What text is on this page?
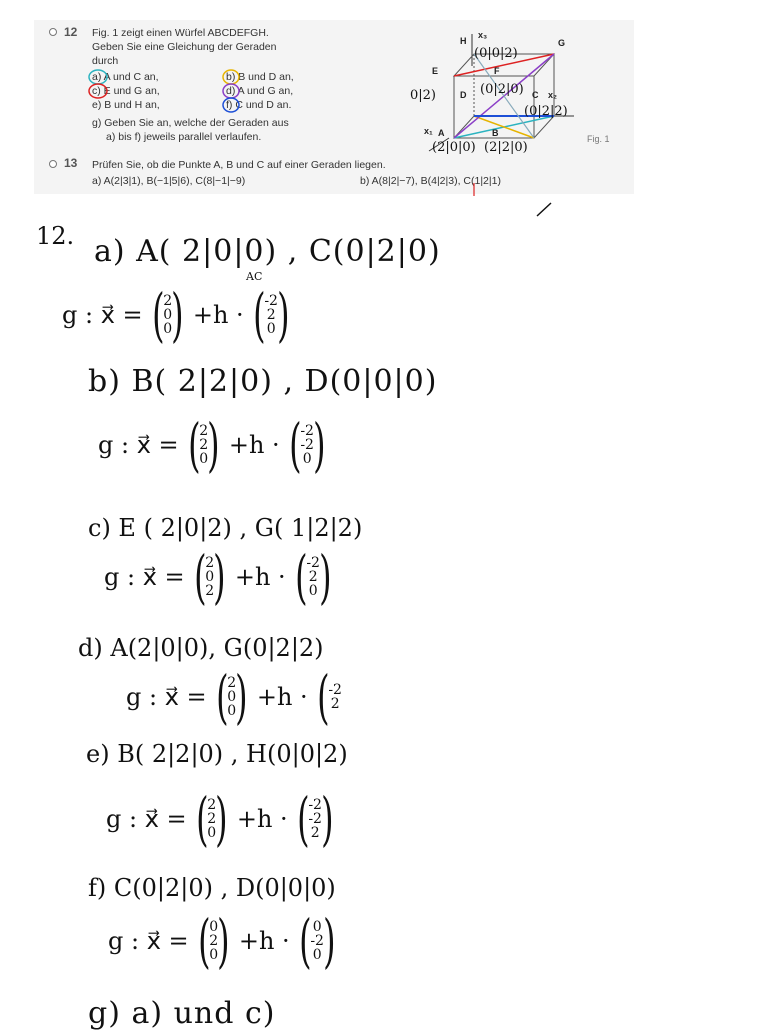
12 Fig. 1 zeigt einen Würfel ABCDEFGH.
Geben Sie eine Gleichung der Geraden
durch
a) A und C an,
c) E und G an,
e) B und H an,
b) B und D an,
d) A und G an,
f) C und D an.
g) Geben Sie an, welche der Geraden aus
a) bis f) jeweils parallel verlaufen.
13 Prüfen Sie, ob die Punkte A, B und C auf einer Geraden liegen.
a) A(2|3|1), B(−1|5|6), C(8|−1|−9)	b) A(8|2|−7), B(4|2|3), C(1|2|1)
Fig. 1
H	G
E	F
D	C
A	B
x₃
x₂
x₁
(0|0|2)
(0|2|0)
(0|2|2)
0|2)
(2|0|0) (2|2|0)
12. a) A( 2|0|0) , C(0|2|0)
AC
g : x⃗ = ( 2
0
0 ) +h · ( -2
2
0 )
b) B( 2|2|0) , D(0|0|0)
g : x⃗ = ( 2
2
0 ) +h · ( -2
-2
0 )
c) E ( 2|0|2) , G( 1|2|2)
g : x⃗ = ( 2
0
2 ) +h · ( -2
2
0 )
d) A(2|0|0), G(0|2|2)
g : x⃗ = ( 2
0
0 ) +h · ( -2
2
e) B( 2|2|0) , H(0|0|2)
g : x⃗ = ( 2
2
0 ) +h · ( -2
-2
2 )
f) C(0|2|0) , D(0|0|0)
g : x⃗ = ( 0
2
0 ) +h · ( 0
-2
0 )
g) a) und c)
